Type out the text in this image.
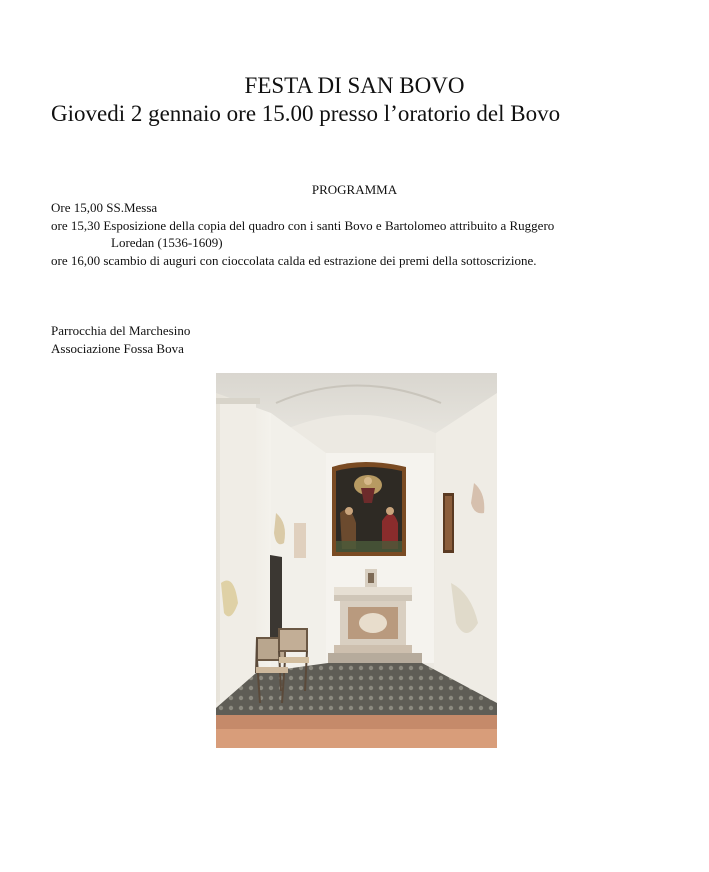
FESTA DI SAN BOVO
Giovedi 2 gennaio ore 15.00 presso l’oratorio del Bovo
PROGRAMMA
Ore 15,00 SS.Messa
ore 15,30 Esposizione della copia del quadro con i santi Bovo e Bartolomeo attribuito a Ruggero
Loredan (1536-1609)
ore 16,00 scambio di auguri con cioccolata calda ed estrazione dei premi della sottoscrizione.
Parrocchia del Marchesino
Associazione Fossa Bova
